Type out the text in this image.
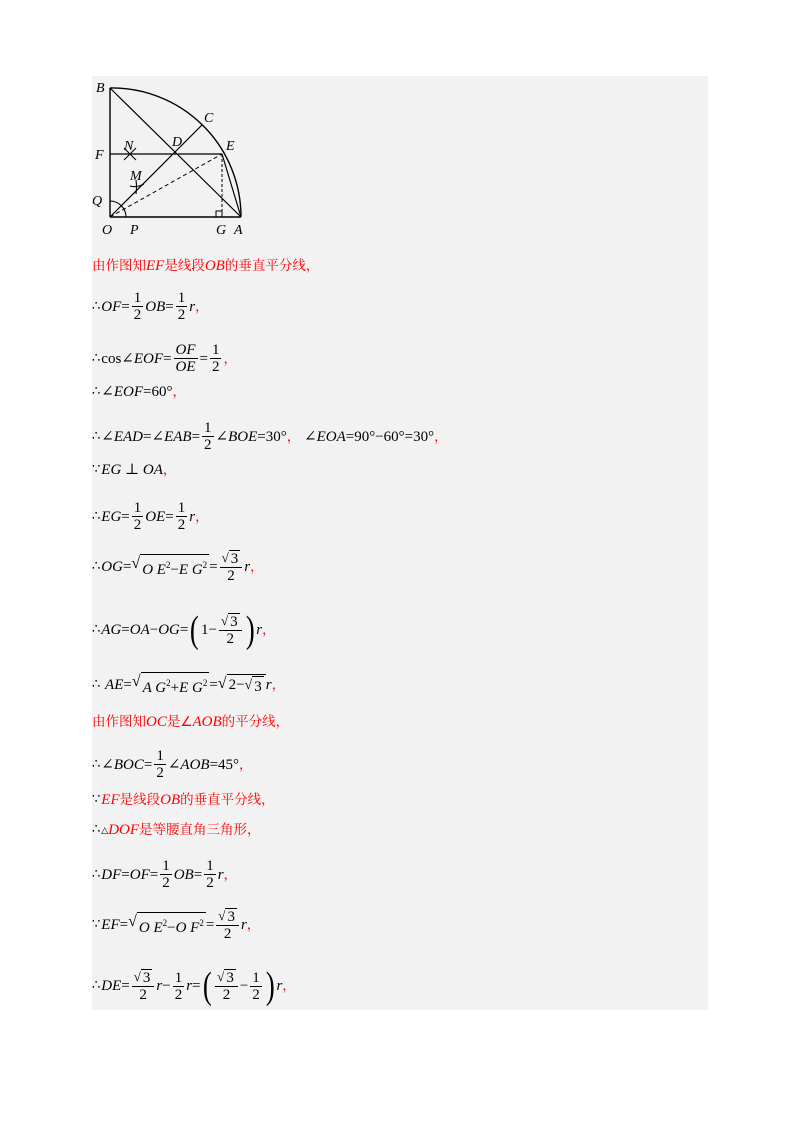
B
C
D	E
F
N
M
Q
O P	G A
由作图知 EF 是线段 OB 的垂直平分线，
∴ OF = $\frac{1}{2}$ OB = $\frac{1}{2}$ r ，
∴ cos∠ EOF = $\frac{OF}{OE} = \frac{1}{2}$ ，
∴ ∠ EOF =60° ，
∴ ∠ EAD =∠ EAB = $\frac{1}{2}$ ∠ BOE =30° ， ∠ EOA =90°−60°=30° ，
∵ EG ⊥ OA ，
∴ EG = $\frac{1}{2}$ OE = $\frac{1}{2}$ r ，
∴ OG = √ O $E^2-E$ $G^2 = \frac{√ 3}{2}$ r ，
∴ AG = OA − OG = ( $1- \frac{√ 3}{2}$ ) r ，
∴
AE = √ A $G^2+E$ $G^2$ = √ 2− √ 3 r ，
由作图知 OC 是∠ AOB 的平分线，
∴ ∠ BOC = $\frac{1}{2}$ ∠ AOB =45° ，
∵ EF 是线段 OB 的垂直平分线，
∴ △ DOF 是等腰直角三角形，
∴ DF = OF = $\frac{1}{2}$ OB = $\frac{1}{2}$ r ，
∵ EF = √ O $E^2-O$ $F^2 = \frac{√ 3}{2}$ r ，
∴ DE = $\frac{√ 3}{2}$ $r - \frac{1}{2}$ r = ( $\frac{√ 3}{2} - \frac{1}{2}$ ) r ，
